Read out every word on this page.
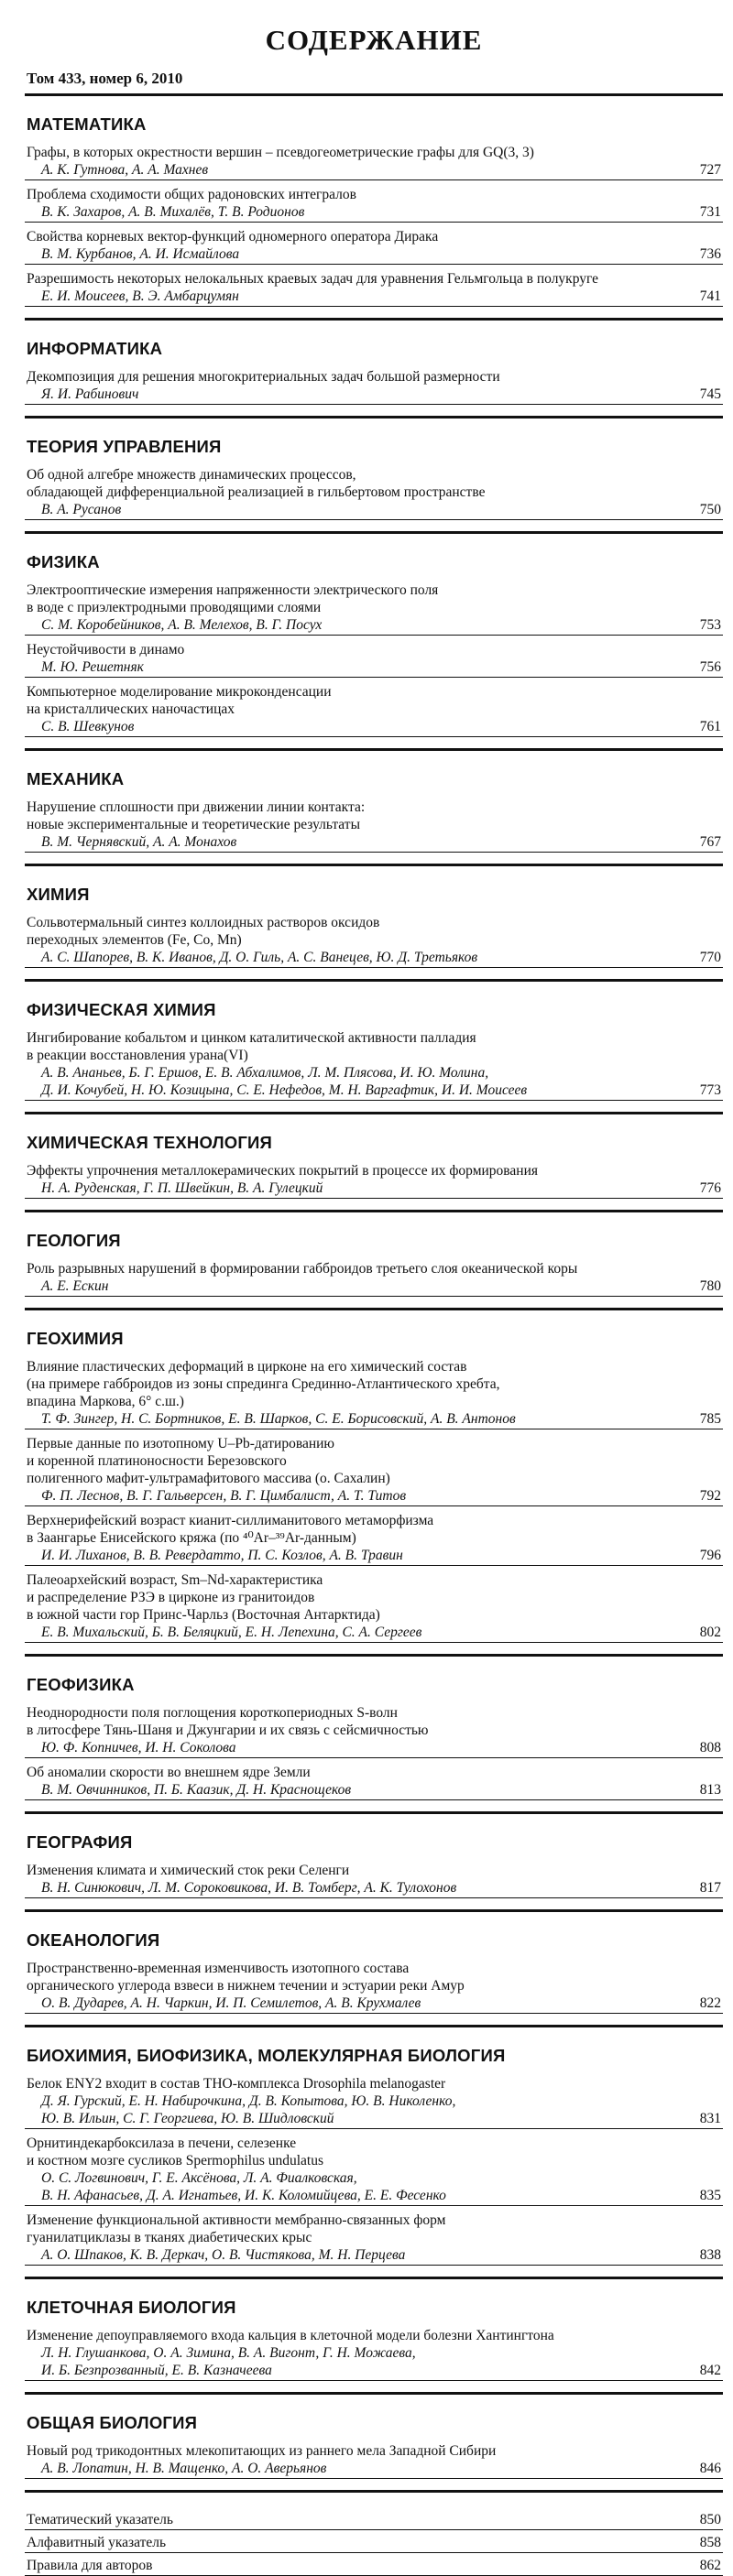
СОДЕРЖАНИЕ
Том 433, номер 6, 2010
МАТЕМАТИКА
Графы, в которых окрестности вершин – псевдогеометрические графы для GQ(3, 3)
А. К. Гутнова, А. А. Махнев	727
Проблема сходимости общих радоновских интегралов
В. К. Захаров, А. В. Михалёв, Т. В. Родионов	731
Свойства корневых вектор-функций одномерного оператора Дирака
В. М. Курбанов, А. И. Исмайлова	736
Разрешимость некоторых нелокальных краевых задач для уравнения Гельмгольца в полукруге
Е. И. Моисеев, В. Э. Амбарцумян	741
ИНФОРМАТИКА
Декомпозиция для решения многокритериальных задач большой размерности
Я. И. Рабинович	745
ТЕОРИЯ УПРАВЛЕНИЯ
Об одной алгебре множеств динамических процессов,
обладающей дифференциальной реализацией в гильбертовом пространстве
В. А. Русанов	750
ФИЗИКА
Электрооптические измерения напряженности электрического поля
в воде с приэлектродными проводящими слоями
С. М. Коробейников, А. В. Мелехов, В. Г. Посух	753
Неустойчивости в динамо
М. Ю. Решетняк	756
Компьютерное моделирование микроконденсации
на кристаллических наночастицах
С. В. Шевкунов	761
МЕХАНИКА
Нарушение сплошности при движении линии контакта:
новые экспериментальные и теоретические результаты
В. М. Чернявский, А. А. Монахов	767
ХИМИЯ
Сольвотермальный синтез коллоидных растворов оксидов
переходных элементов (Fe, Co, Mn)
А. С. Шапорев, В. К. Иванов, Д. О. Гиль, А. С. Ванецев, Ю. Д. Третьяков	770
ФИЗИЧЕСКАЯ ХИМИЯ
Ингибирование кобальтом и цинком каталитической активности палладия
в реакции восстановления урана(VI)
А. В. Ананьев, Б. Г. Ершов, Е. В. Абхалимов, Л. М. Плясова, И. Ю. Молина,
Д. И. Кочубей, Н. Ю. Козицына, С. Е. Нефедов, М. Н. Варгафтик, И. И. Моисеев	773
ХИМИЧЕСКАЯ ТЕХНОЛОГИЯ
Эффекты упрочнения металлокерамических покрытий в процессе их формирования
Н. А. Руденская, Г. П. Швейкин, В. А. Гулецкий	776
ГЕОЛОГИЯ
Роль разрывных нарушений в формировании габброидов третьего слоя океанической коры
А. Е. Ескин	780
ГЕОХИМИЯ
Влияние пластических деформаций в цирконе на его химический состав
(на примере габброидов из зоны спрединга Срединно-Атлантического хребта,
впадина Маркова, 6° с.ш.)
Т. Ф. Зингер, Н. С. Бортников, Е. В. Шарков, С. Е. Борисовский, А. В. Антонов	785
Первые данные по изотопному U–Pb-датированию
и коренной платиноносности Березовского
полигенного мафит-ультрамафитового массива (о. Сахалин)
Ф. П. Леснов, В. Г. Гальверсен, В. Г. Цимбалист, А. Т. Титов	792
Верхнерифейский возраст кианит-силлиманитового метаморфизма
в Заангарье Енисейского кряжа (по ⁴⁰Ar–³⁹Ar-данным)
И. И. Лиханов, В. В. Ревердатто, П. С. Козлов, А. В. Травин	796
Палеоархейский возраст, Sm–Nd-характеристика
и распределение РЗЭ в цирконе из гранитоидов
в южной части гор Принс-Чарльз (Восточная Антарктида)
Е. В. Михальский, Б. В. Беляцкий, Е. Н. Лепехина, С. А. Сергеев	802
ГЕОФИЗИКА
Неоднородности поля поглощения короткопериодных S-волн
в литосфере Тянь-Шаня и Джунгарии и их связь с сейсмичностью
Ю. Ф. Копничев, И. Н. Соколова	808
Об аномалии скорости во внешнем ядре Земли
В. М. Овчинников, П. Б. Каазик, Д. Н. Краснощеков	813
ГЕОГРАФИЯ
Изменения климата и химический сток реки Селенги
В. Н. Синюкович, Л. М. Сороковикова, И. В. Томберг, А. К. Тулохонов	817
ОКЕАНОЛОГИЯ
Пространственно-временная изменчивость изотопного состава
органического углерода взвеси в нижнем течении и эстуарии реки Амур
О. В. Дударев, А. Н. Чаркин, И. П. Семилетов, А. В. Крухмалев	822
БИОХИМИЯ, БИОФИЗИКА, МОЛЕКУЛЯРНАЯ БИОЛОГИЯ
Белок ENY2 входит в состав THO-комплекса Drosophila melanogaster
Д. Я. Гурский, Е. Н. Набирочкина, Д. В. Копытова, Ю. В. Николенко,
Ю. В. Ильин, С. Г. Георгиева, Ю. В. Шидловский	831
Орнитиндекарбоксилаза в печени, селезенке
и костном мозге сусликов Spermophilus undulatus
О. С. Логвинович, Г. Е. Аксёнова, Л. А. Фиалковская,
В. Н. Афанасьев, Д. А. Игнатьев, И. К. Коломийцева, Е. Е. Фесенко	835
Изменение функциональной активности мембранно-связанных форм
гуанилатциклазы в тканях диабетических крыс
А. О. Шпаков, К. В. Деркач, О. В. Чистякова, М. Н. Перцева	838
КЛЕТОЧНАЯ БИОЛОГИЯ
Изменение депоуправляемого входа кальция в клеточной модели болезни Хантингтона
Л. Н. Глушанкова, О. А. Зимина, В. А. Вигонт, Г. Н. Можаева,
И. Б. Безпрозванный, Е. В. Казначеева	842
ОБЩАЯ БИОЛОГИЯ
Новый род трикодонтных млекопитающих из раннего мела Западной Сибири
А. В. Лопатин, Н. В. Мащенко, А. О. Аверьянов	846
Тематический указатель	850
Алфавитный указатель	858
Правила для авторов	862
